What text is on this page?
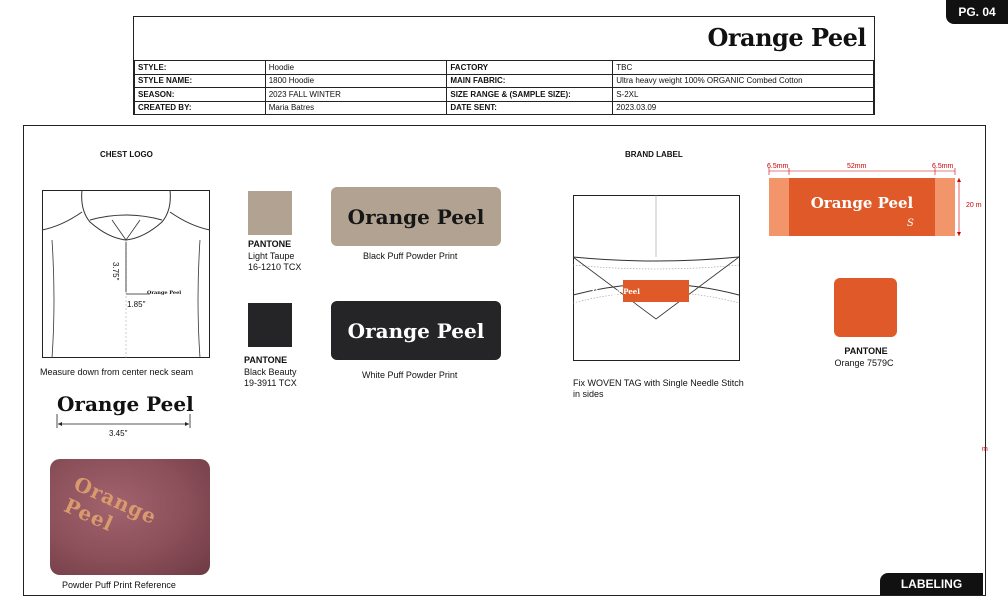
PG. 04
Orange Peel
STYLE:	Hoodie	FACTORY	TBC
STYLE NAME:	1800 Hoodie	MAIN FABRIC:	Ultra heavy weight 100% ORGANIC Combed Cotton
SEASON:	2023 FALL WINTER	SIZE RANGE & (SAMPLE SIZE):	S-2XL
CREATED BY:	Maria Batres	DATE SENT:	2023.03.09
CHEST LOGO
3.75"
1.85"
Orange Peel
Measure down from center neck seam
Orange Peel
3.45"
Orange Peel
Powder Puff Print Reference
PANTONE
Light Taupe
16-1210 TCX
PANTONE
Black Beauty
19-3911 TCX
Orange Peel
Black Puff Powder Print
Orange Peel
White Puff Powder Print
BRAND LABEL
Orange Peel
Fix WOVEN TAG with Single Needle Stitch
in sides
Orange Peel
S
6.5mm	52mm	6.5mm
20 m
m
PANTONE
Orange 7579C
LABELING
